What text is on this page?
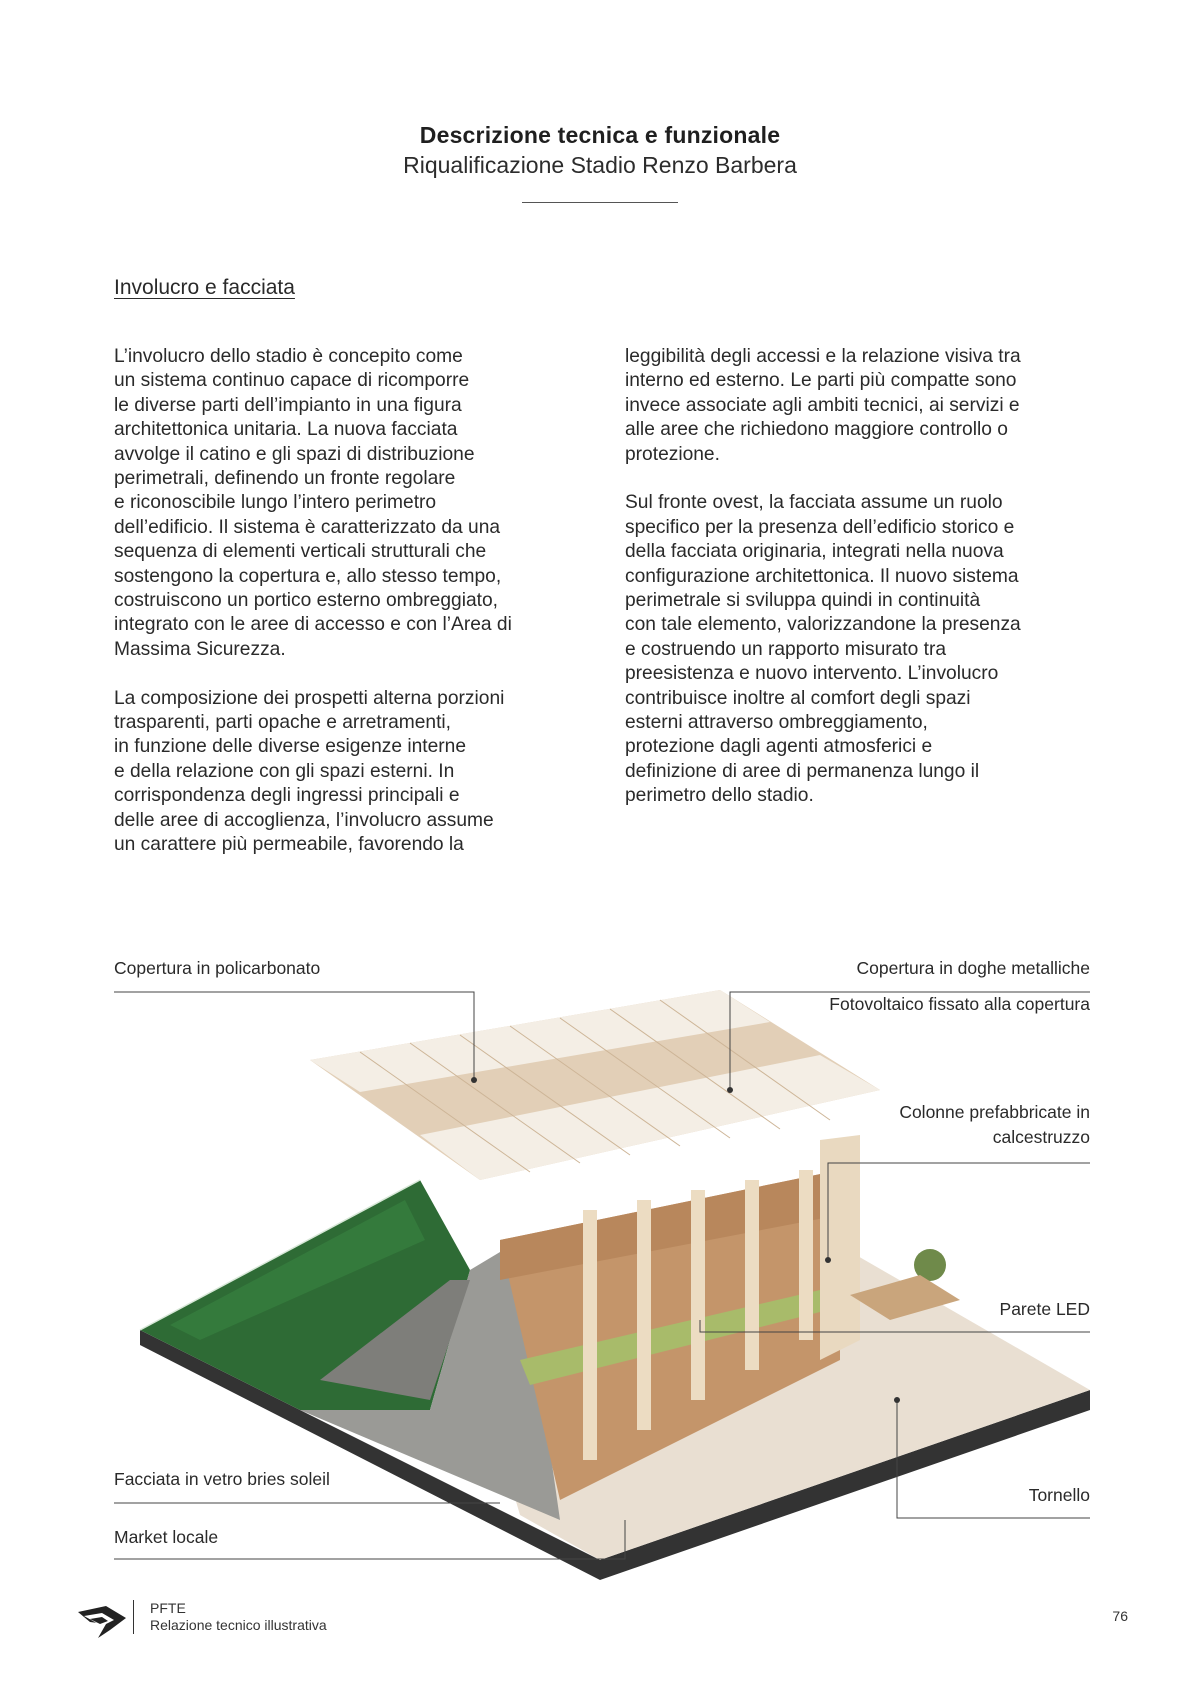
Descrizione tecnica e funzionale
Riqualificazione Stadio Renzo Barbera
Involucro e facciata

L’involucro dello stadio è concepito come
un sistema continuo capace di ricomporre
le diverse parti dell’impianto in una figura
architettonica unitaria. La nuova facciata
avvolge il catino e gli spazi di distribuzione
perimetrali, definendo un fronte regolare
e riconoscibile lungo l’intero perimetro
dell’edificio. Il sistema è caratterizzato da una
sequenza di elementi verticali strutturali che
sostengono la copertura e, allo stesso tempo,
costruiscono un portico esterno ombreggiato,
integrato con le aree di accesso e con l’Area di
Massima Sicurezza.

La composizione dei prospetti alterna porzioni
trasparenti, parti opache e arretramenti,
in funzione delle diverse esigenze interne
e della relazione con gli spazi esterni. In
corrispondenza degli ingressi principali e
delle aree di accoglienza, l’involucro assume
un carattere più permeabile, favorendo la

leggibilità degli accessi e la relazione visiva tra
interno ed esterno. Le parti più compatte sono
invece associate agli ambiti tecnici, ai servizi e
alle aree che richiedono maggiore controllo o
protezione.

Sul fronte ovest, la facciata assume un ruolo
specifico per la presenza dell’edificio storico e
della facciata originaria, integrati nella nuova
configurazione architettonica. Il nuovo sistema
perimetrale si sviluppa quindi in continuità
con tale elemento, valorizzandone la presenza
e costruendo un rapporto misurato tra
preesistenza e nuovo intervento. L’involucro
contribuisce inoltre al comfort degli spazi
esterni attraverso ombreggiamento,
protezione dagli agenti atmosferici e
definizione di aree di permanenza lungo il
perimetro dello stadio.

Copertura in policarbonato	Copertura in doghe metalliche
Fotovoltaico fissato alla copertura
Colonne prefabbricate in
calcestruzzo
Parete LED
Facciata in vetro bries soleil
Tornello
Market locale
PFTE
Relazione tecnico illustrativa
76
